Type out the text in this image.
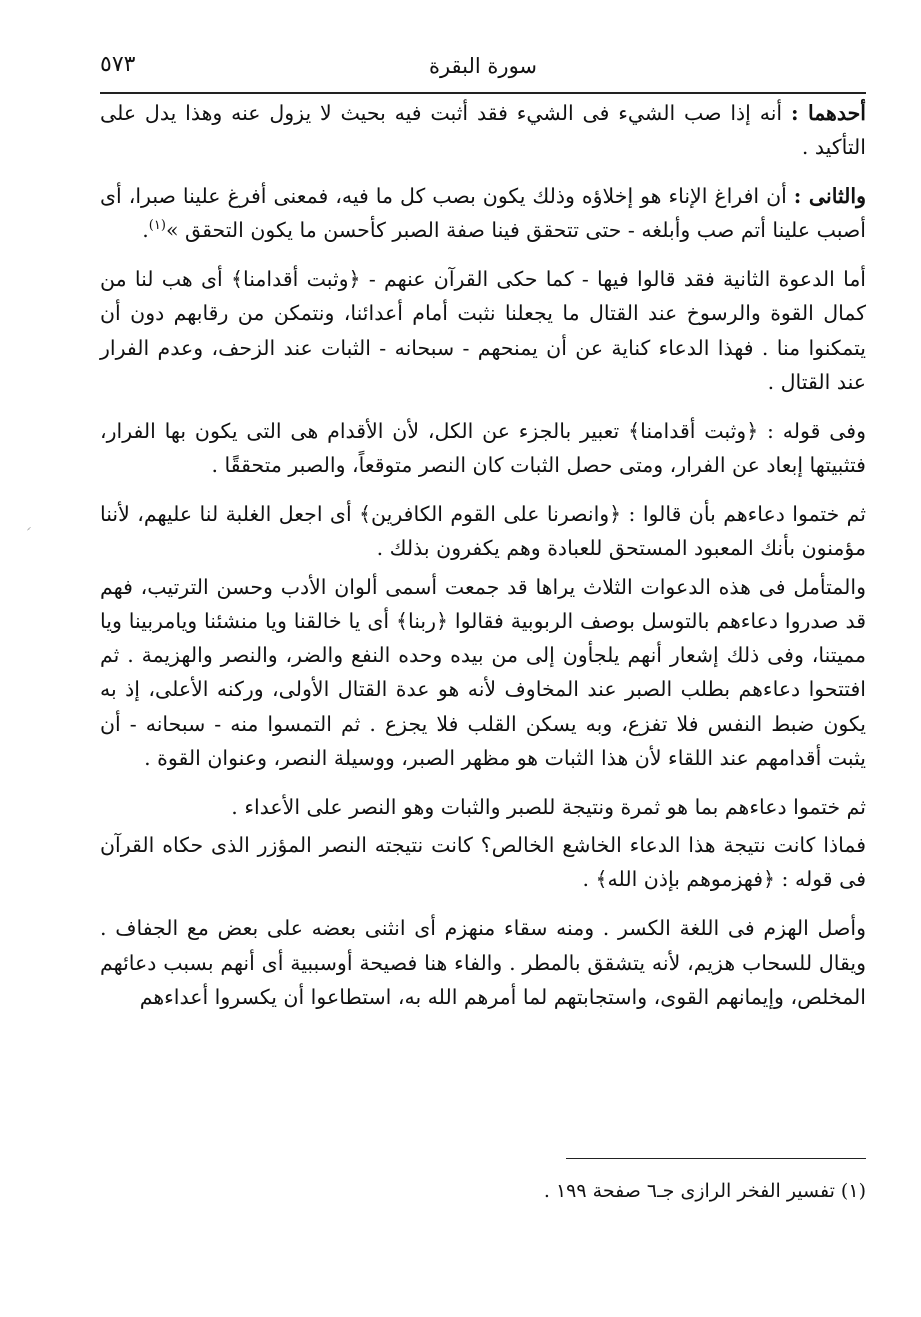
٥٧٣	سورة البقرة

أحدهما : أنه إذا صب الشيء فى الشيء فقد أثبت فيه بحيث لا يزول عنه وهذا يدل على التأكيد .

والثانى : أن افراغ الإناء هو إخلاؤه وذلك يكون بصب كل ما فيه، فمعنى أفرغ علينا صبرا، أى أصبب علينا أتم صب وأبلغه - حتى تتحقق فينا صفة الصبر كأحسن ما يكون التحقق »$^{(١)}$.

أما الدعوة الثانية فقد قالوا فيها - كما حكى القرآن عنهم - ﴿وثبت أقدامنا﴾ أى هب لنا من كمال القوة والرسوخ عند القتال ما يجعلنا نثبت أمام أعدائنا، ونتمكن من رقابهم دون أن يتمكنوا منا . فهذا الدعاء كناية عن أن يمنحهم - سبحانه - الثبات عند الزحف، وعدم الفرار عند القتال .

وفى قوله : ﴿وثبت أقدامنا﴾ تعبير بالجزء عن الكل، لأن الأقدام هى التى يكون بها الفرار، فتثبيتها إبعاد عن الفرار، ومتى حصل الثبات كان النصر متوقعاً، والصبر متحققًا .

ثم ختموا دعاءهم بأن قالوا : ﴿وانصرنا على القوم الكافرين﴾ أى اجعل الغلبة لنا عليهم، لأننا مؤمنون بأنك المعبود المستحق للعبادة وهم يكفرون بذلك .

والمتأمل فى هذه الدعوات الثلاث يراها قد جمعت أسمى ألوان الأدب وحسن الترتيب، فهم قد صدروا دعاءهم بالتوسل بوصف الربوبية فقالوا ﴿ربنا﴾ أى يا خالقنا ويا منشئنا ويامربينا ويا مميتنا، وفى ذلك إشعار أنهم يلجأون إلى من بيده وحده النفع والضر، والنصر والهزيمة . ثم افتتحوا دعاءهم بطلب الصبر عند المخاوف لأنه هو عدة القتال الأولى، وركنه الأعلى، إذ به يكون ضبط النفس فلا تفزع، وبه يسكن القلب فلا يجزع . ثم التمسوا منه - سبحانه - أن يثبت أقدامهم عند اللقاء لأن هذا الثبات هو مظهر الصبر، ووسيلة النصر، وعنوان القوة .

ثم ختموا دعاءهم بما هو ثمرة ونتيجة للصبر والثبات وهو النصر على الأعداء .

فماذا كانت نتيجة هذا الدعاء الخاشع الخالص؟ كانت نتيجته النصر المؤزر الذى حكاه القرآن فى قوله : ﴿فهزموهم بإذن الله﴾ .

وأصل الهزم فى اللغة الكسر . ومنه سقاء منهزم أى انثنى بعضه على بعض مع الجفاف . ويقال للسحاب هزيم، لأنه يتشقق بالمطر . والفاء هنا فصيحة أوسببية أى أنهم بسبب دعائهم المخلص، وإيمانهم القوى، واستجابتهم لما أمرهم الله به، استطاعوا أن يكسروا أعداءهم

(١) تفسير الفخر الرازى جـ٦ صفحة ١٩٩ .
